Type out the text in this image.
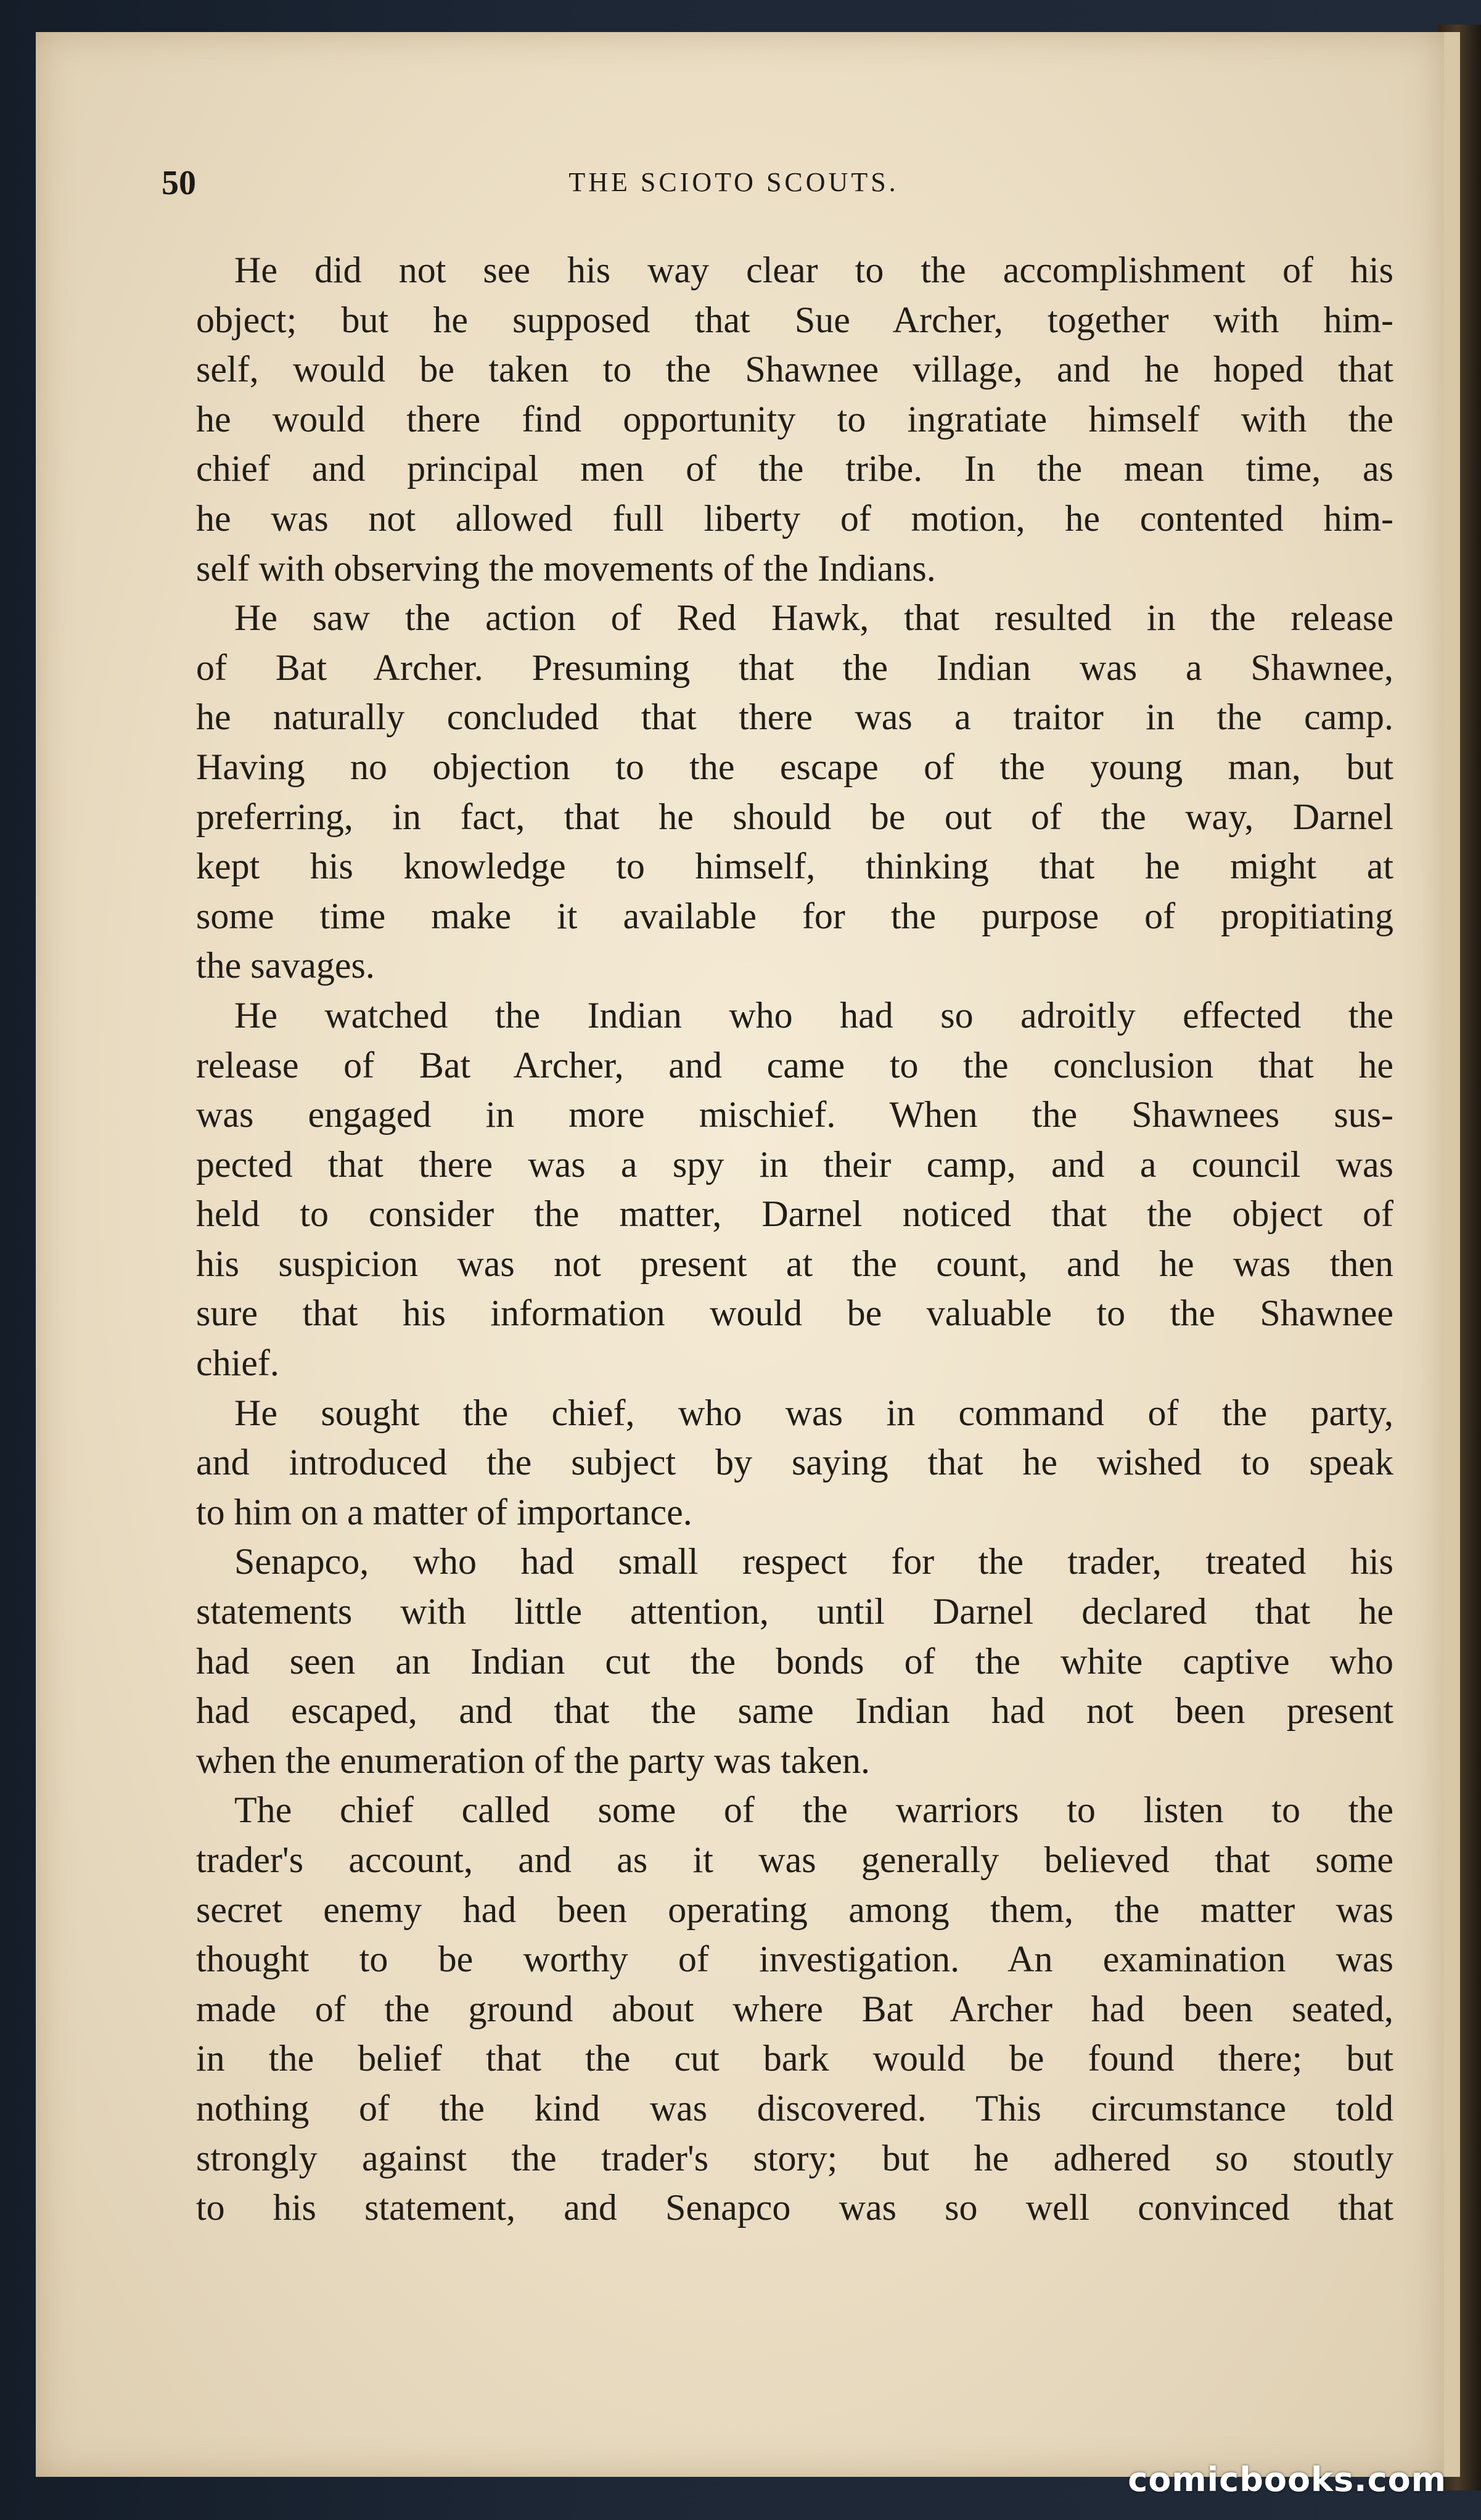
50	THE SCIOTO SCOUTS.
He did not see his way clear to the accomplishment of his
object; but he supposed that Sue Archer, together with him-
self, would be taken to the Shawnee village, and he hoped that
he would there find opportunity to ingratiate himself with the
chief and principal men of the tribe. In the mean time, as
he was not allowed full liberty of motion, he contented him-
self with observing the movements of the Indians.
He saw the action of Red Hawk, that resulted in the release
of Bat Archer. Presuming that the Indian was a Shawnee,
he naturally concluded that there was a traitor in the camp.
Having no objection to the escape of the young man, but
preferring, in fact, that he should be out of the way, Darnel
kept his knowledge to himself, thinking that he might at
some time make it available for the purpose of propitiating
the savages.
He watched the Indian who had so adroitly effected the
release of Bat Archer, and came to the conclusion that he
was engaged in more mischief. When the Shawnees sus-
pected that there was a spy in their camp, and a council was
held to consider the matter, Darnel noticed that the object of
his suspicion was not present at the count, and he was then
sure that his information would be valuable to the Shawnee
chief.
He sought the chief, who was in command of the party,
and introduced the subject by saying that he wished to speak
to him on a matter of importance.
Senapco, who had small respect for the trader, treated his
statements with little attention, until Darnel declared that he
had seen an Indian cut the bonds of the white captive who
had escaped, and that the same Indian had not been present
when the enumeration of the party was taken.
The chief called some of the warriors to listen to the
trader's account, and as it was generally believed that some
secret enemy had been operating among them, the matter was
thought to be worthy of investigation. An examination was
made of the ground about where Bat Archer had been seated,
in the belief that the cut bark would be found there; but
nothing of the kind was discovered. This circumstance told
strongly against the trader's story; but he adhered so stoutly
to his statement, and Senapco was so well convinced that
comicbooks.com
